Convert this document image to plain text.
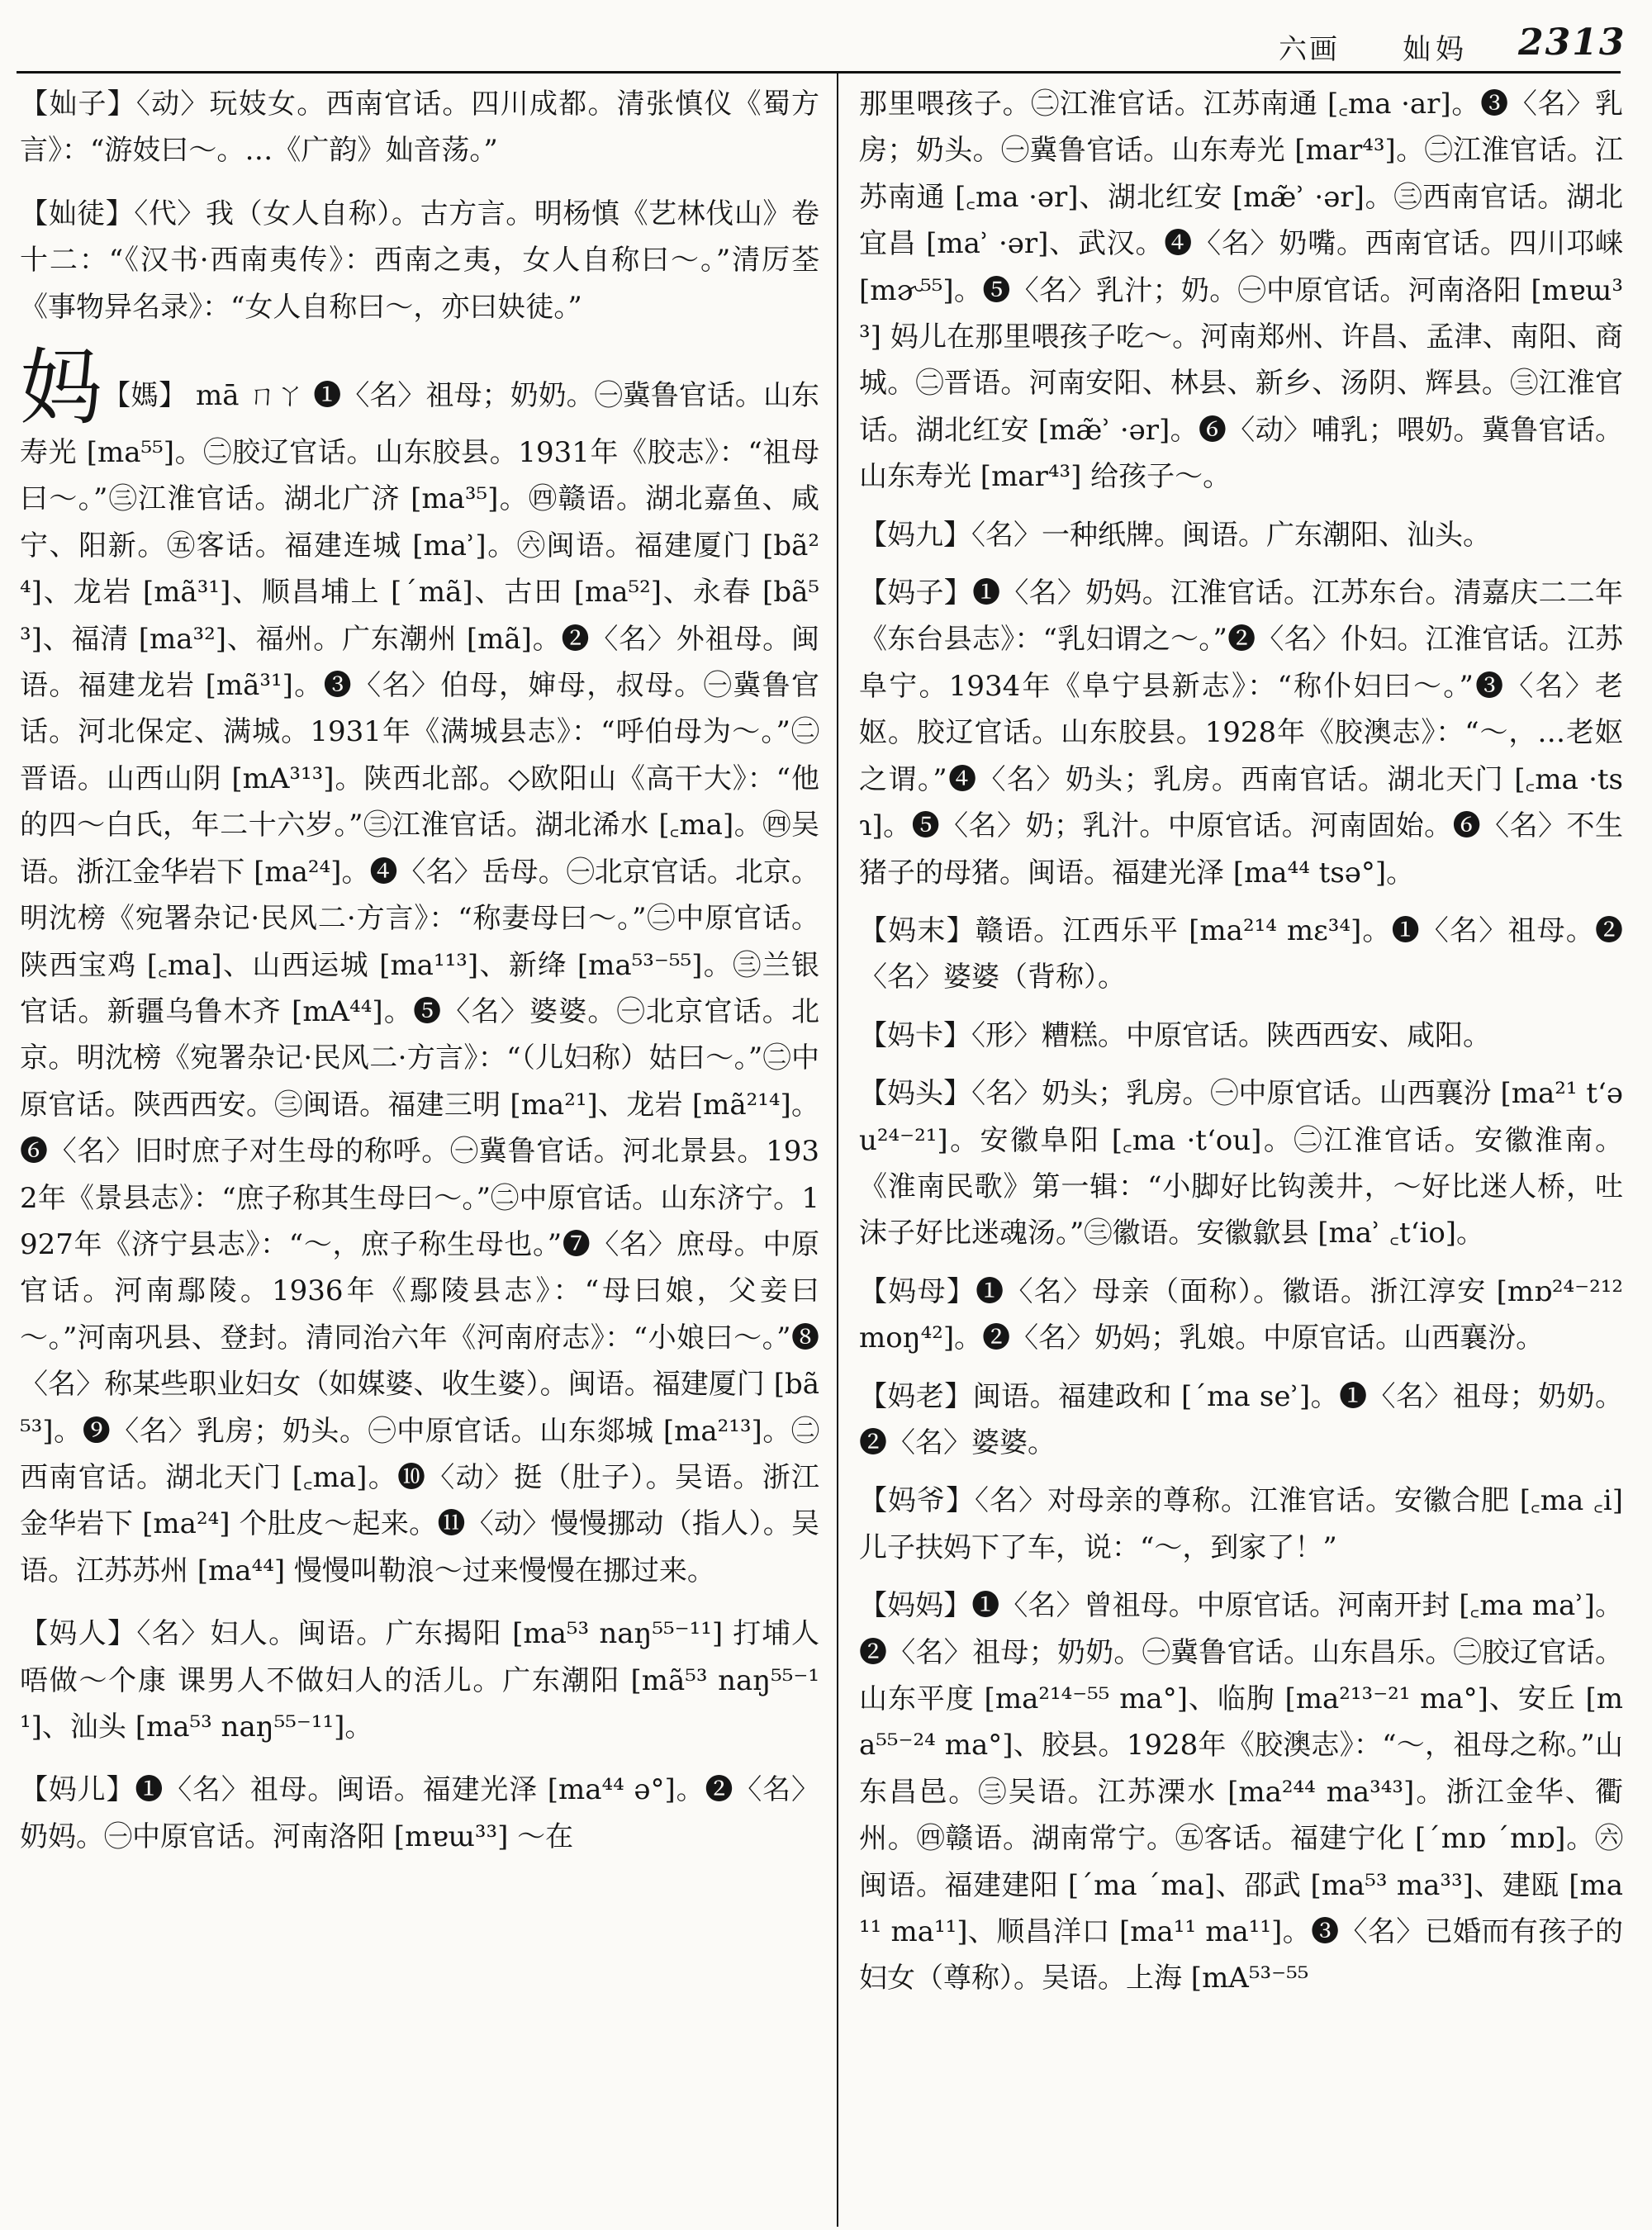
六画 奾妈 2313

【奾子】〈动〉玩妓女。西南官话。四川成都。清张慎仪《蜀方言》：“游妓曰～。…《广韵》奾音荡。”

【奾徒】〈代〉我（女人自称）。古方言。明杨慎《艺林伐山》卷十二：“《汉书·西南夷传》：西南之夷，女人自称曰～。”清厉荃《事物异名录》：“女人自称曰～，亦曰妜徒。”

妈【媽】 mā ㄇㄚ ❶〈名〉祖母；奶奶。㊀冀鲁官话。山东寿光 [ma⁵⁵]。㊁胶辽官话。山东胶县。1931年《胶志》：“祖母曰～。”㊂江淮官话。湖北广济 [ma³⁵]。㊃赣语。湖北嘉鱼、咸宁、阳新。㊄客话。福建连城 [maʾ]。㊅闽语。福建厦门 [bã²⁴]、龙岩 [mã³¹]、顺昌埔上 [ˊmã]、古田 [ma⁵²]、永春 [bã⁵³]、福清 [ma³²]、福州。广东潮州 [mã]。❷〈名〉外祖母。闽语。福建龙岩 [mã³¹]。❸〈名〉伯母，婶母，叔母。㊀冀鲁官话。河北保定、满城。1931年《满城县志》：“呼伯母为～。”㊁晋语。山西山阴 [mA³¹³]。陕西北部。◇欧阳山《高干大》：“他的四～白氏，年二十六岁。”㊂江淮官话。湖北浠水 [꜀ma]。㊃吴语。浙江金华岩下 [ma²⁴]。❹〈名〉岳母。㊀北京官话。北京。明沈榜《宛署杂记·民风二·方言》：“称妻母曰～。”㊁中原官话。陕西宝鸡 [꜀ma]、山西运城 [ma¹¹³]、新绛 [ma⁵³⁻⁵⁵]。㊂兰银官话。新疆乌鲁木齐 [mA⁴⁴]。❺〈名〉婆婆。㊀北京官话。北京。明沈榜《宛署杂记·民风二·方言》：“（儿妇称）姑曰～。”㊁中原官话。陕西西安。㊂闽语。福建三明 [ma²¹]、龙岩 [mã²¹⁴]。❻〈名〉旧时庶子对生母的称呼。㊀冀鲁官话。河北景县。1932年《景县志》：“庶子称其生母曰～。”㊁中原官话。山东济宁。1927年《济宁县志》：“～，庶子称生母也。”❼〈名〉庶母。中原官话。河南鄢陵。1936年《鄢陵县志》：“母曰娘，父妾曰～。”河南巩县、登封。清同治六年《河南府志》：“小娘曰～。”❽〈名〉称某些职业妇女（如媒婆、收生婆）。闽语。福建厦门 [bã⁵³]。❾〈名〉乳房；奶头。㊀中原官话。山东郯城 [ma²¹³]。㊁西南官话。湖北天门 [꜀ma]。❿〈动〉挺（肚子）。吴语。浙江金华岩下 [ma²⁴] 个肚皮～起来。⓫〈动〉慢慢挪动（指人）。吴语。江苏苏州 [ma⁴⁴] 慢慢叫勒浪～过来慢慢在挪过来。

【妈人】〈名〉妇人。闽语。广东揭阳 [ma⁵³ naŋ⁵⁵⁻¹¹] 打埔人唔做～个康 课男人不做妇人的活儿。广东潮阳 [mã⁵³ naŋ⁵⁵⁻¹¹]、汕头 [ma⁵³ naŋ⁵⁵⁻¹¹]。

【妈儿】❶〈名〉祖母。闽语。福建光泽 [ma⁴⁴ ə°]。❷〈名〉奶妈。㊀中原官话。河南洛阳 [mɐɯ³³] ～在

那里喂孩子。㊁江淮官话。江苏南通 [꜀ma ·ar]。❸〈名〉乳房；奶头。㊀冀鲁官话。山东寿光 [mar⁴³]。㊁江淮官话。江苏南通 [꜀ma ·ər]、湖北红安 [mæ̃ʾ ·ər]。㊂西南官话。湖北宜昌 [maʾ ·ər]、武汉。❹〈名〉奶嘴。西南官话。四川邛崃 [mɚ⁵⁵]。❺〈名〉乳汁；奶。㊀中原官话。河南洛阳 [mɐɯ³³] 妈儿在那里喂孩子吃～。河南郑州、许昌、孟津、南阳、商城。㊁晋语。河南安阳、林县、新乡、汤阴、辉县。㊂江淮官话。湖北红安 [mæ̃ʾ ·ər]。❻〈动〉哺乳；喂奶。冀鲁官话。山东寿光 [mar⁴³] 给孩子～。

【妈九】〈名〉一种纸牌。闽语。广东潮阳、汕头。

【妈子】❶〈名〉奶妈。江淮官话。江苏东台。清嘉庆二二年《东台县志》：“乳妇谓之～。”❷〈名〉仆妇。江淮官话。江苏阜宁。1934年《阜宁县新志》：“称仆妇曰～。”❸〈名〉老妪。胶辽官话。山东胶县。1928年《胶澳志》：“～，…老妪之谓。”❹〈名〉奶头；乳房。西南官话。湖北天门 [꜀ma ·tsɿ]。❺〈名〉奶；乳汁。中原官话。河南固始。❻〈名〉不生猪子的母猪。闽语。福建光泽 [ma⁴⁴ tsə°]。

【妈末】赣语。江西乐平 [ma²¹⁴ mɛ³⁴]。❶〈名〉祖母。❷〈名〉婆婆（背称）。

【妈卡】〈形〉糟糕。中原官话。陕西西安、咸阳。

【妈头】〈名〉奶头；乳房。㊀中原官话。山西襄汾 [ma²¹ tʻəu²⁴⁻²¹]。安徽阜阳 [꜀ma ·tʻou]。㊁江淮官话。安徽淮南。《淮南民歌》第一辑：“小脚好比钩羡井，～好比迷人桥，吐沫子好比迷魂汤。”㊂徽语。安徽歙县 [maʾ ꜀tʻio]。

【妈母】❶〈名〉母亲（面称）。徽语。浙江淳安 [mɒ²⁴⁻²¹² moŋ⁴²]。❷〈名〉奶妈；乳娘。中原官话。山西襄汾。

【妈老】闽语。福建政和 [ˊma seʾ]。❶〈名〉祖母；奶奶。❷〈名〉婆婆。

【妈爷】〈名〉对母亲的尊称。江淮官话。安徽合肥 [꜀ma ꜀i] 儿子扶妈下了车，说：“～，到家了！”

【妈妈】❶〈名〉曾祖母。中原官话。河南开封 [꜀ma maʾ]。❷〈名〉祖母；奶奶。㊀冀鲁官话。山东昌乐。㊁胶辽官话。山东平度 [ma²¹⁴⁻⁵⁵ ma°]、临朐 [ma²¹³⁻²¹ ma°]、安丘 [ma⁵⁵⁻²⁴ ma°]、胶县。1928年《胶澳志》：“～，祖母之称。”山东昌邑。㊂吴语。江苏溧水 [ma²⁴⁴ ma³⁴³]。浙江金华、衢州。㊃赣语。湖南常宁。㊄客话。福建宁化 [ˊmɒ ˊmɒ]。㊅闽语。福建建阳 [ˊma ˊma]、邵武 [ma⁵³ ma³³]、建瓯 [ma¹¹ ma¹¹]、顺昌洋口 [ma¹¹ ma¹¹]。❸〈名〉已婚而有孩子的妇女（尊称）。吴语。上海 [mA⁵³⁻⁵⁵
